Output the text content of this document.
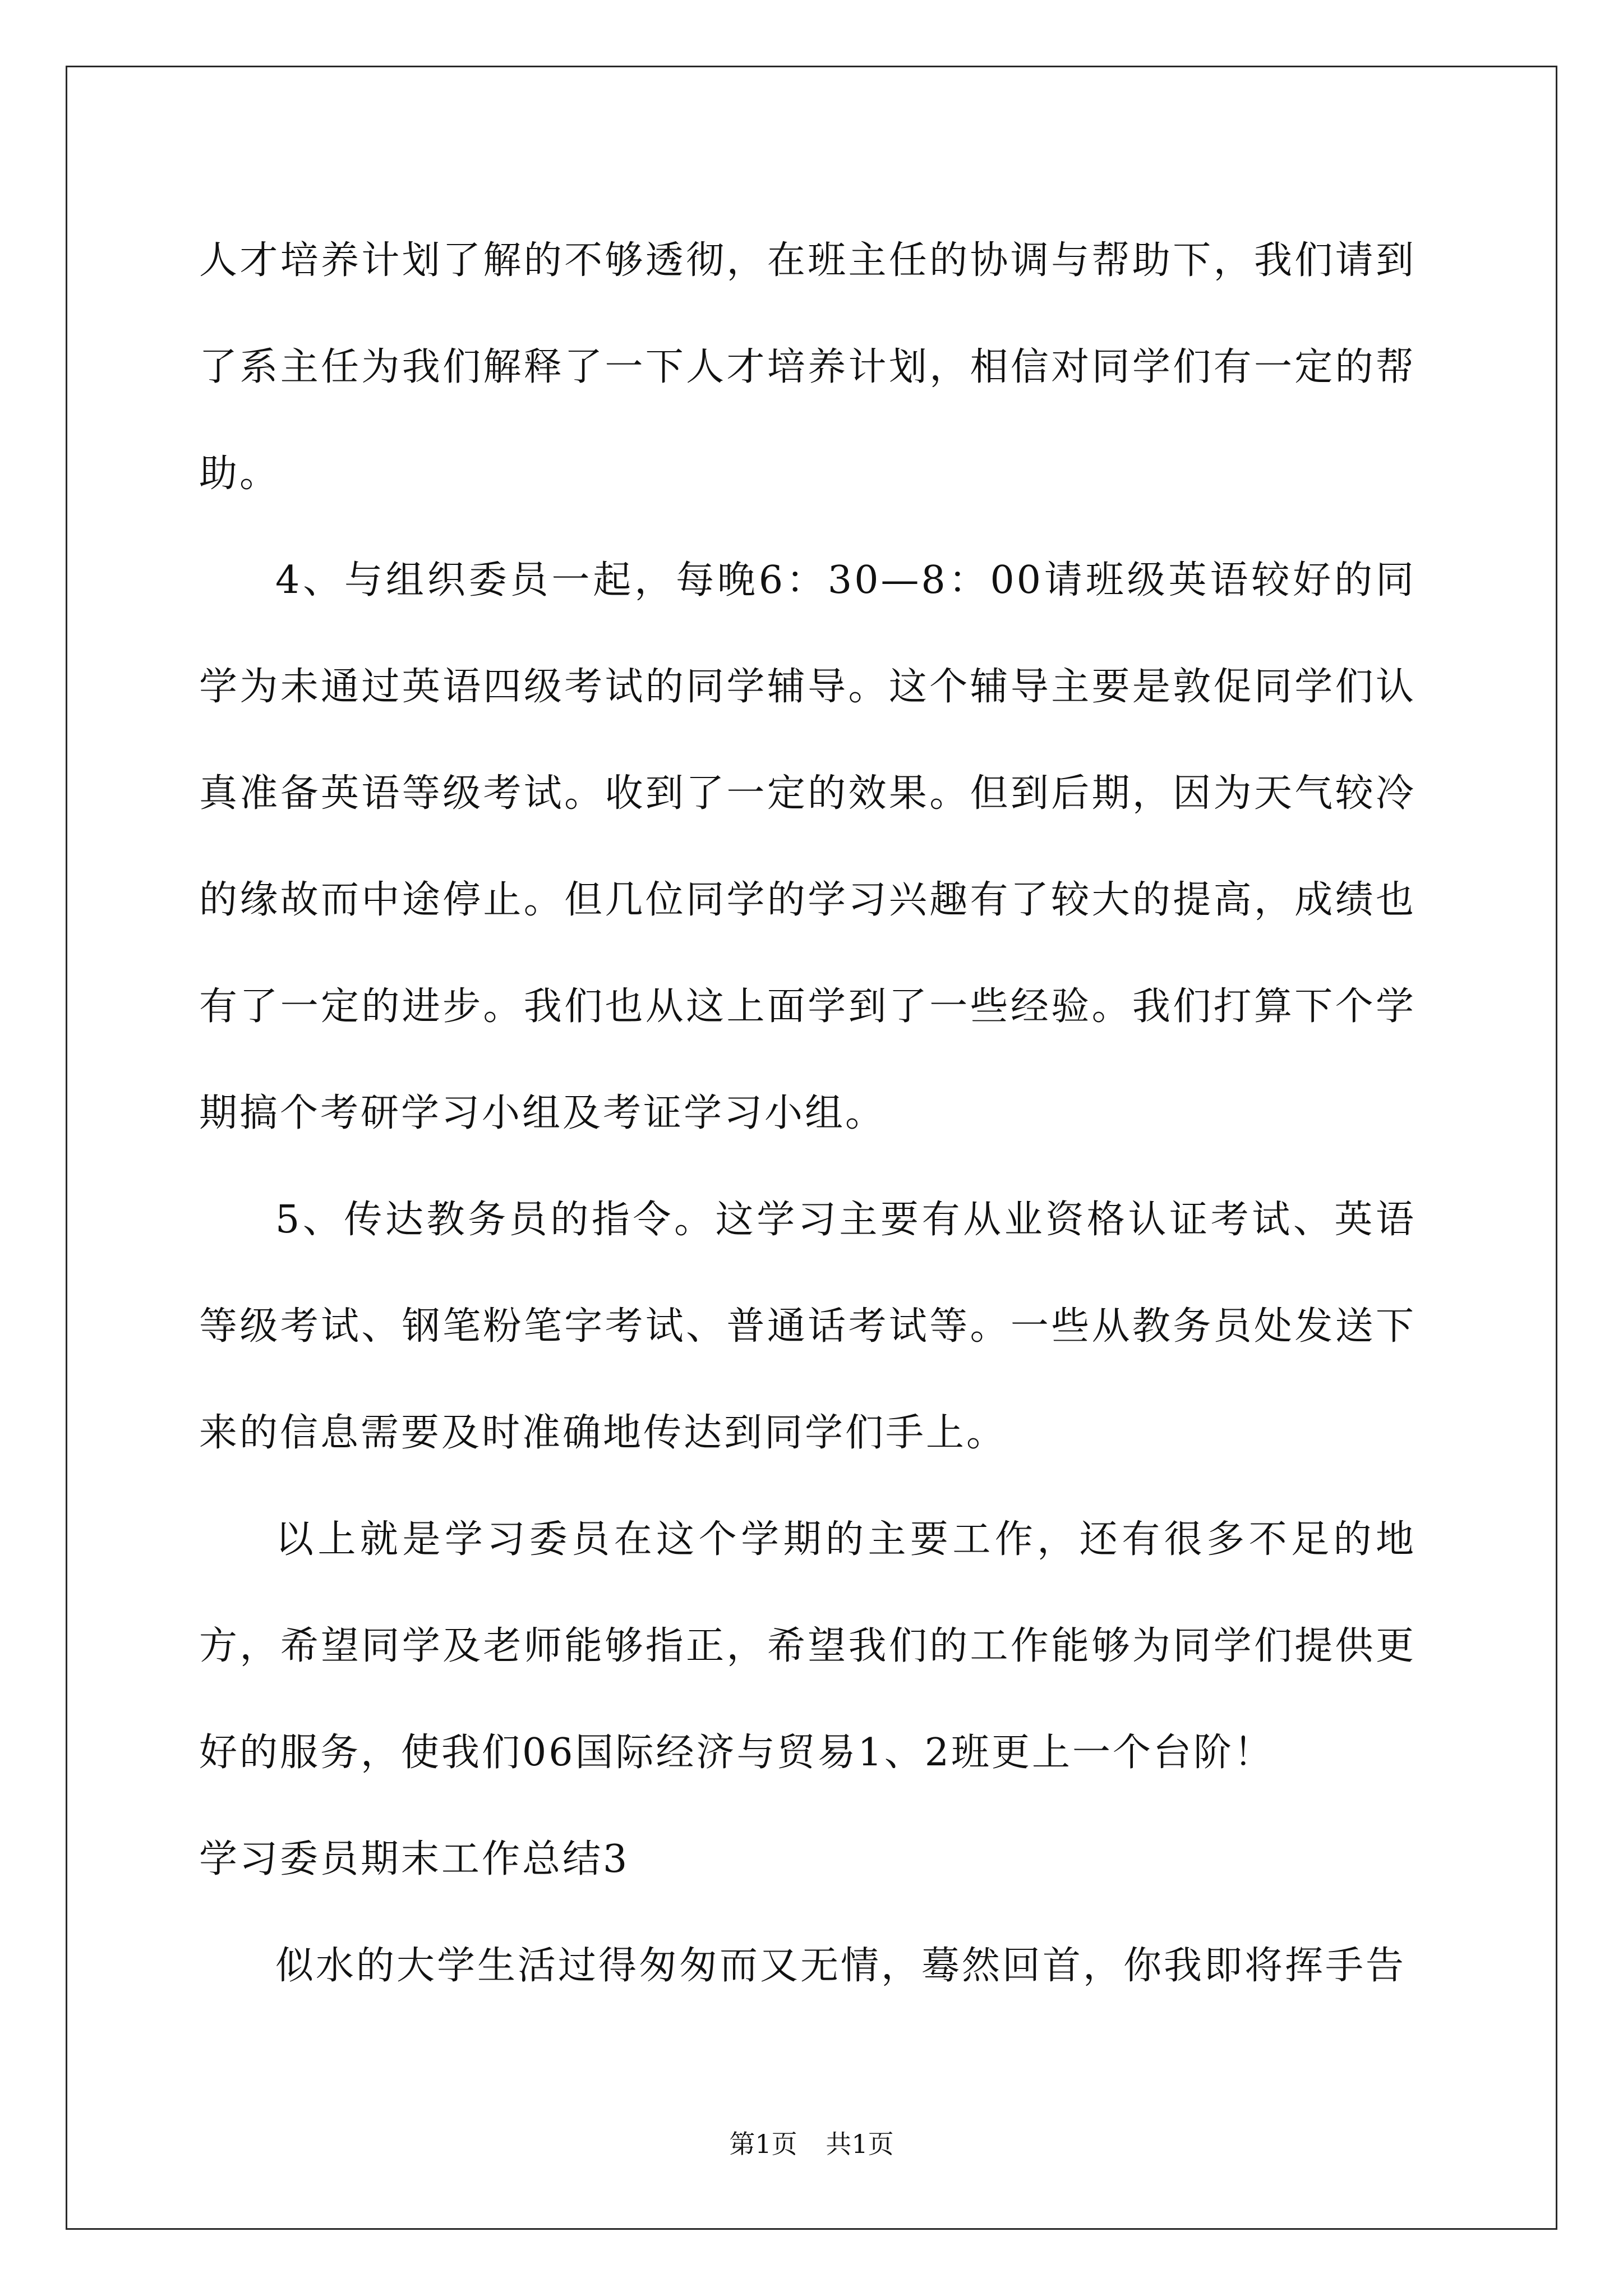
人才培养计划了解的不够透彻，在班主任的协调与帮助下，我们请到了系主任为我们解释了一下人才培养计划，相信对同学们有一定的帮助。

4、与组织委员一起，每晚6：30—8：00请班级英语较好的同学为未通过英语四级考试的同学辅导。这个辅导主要是敦促同学们认真准备英语等级考试。收到了一定的效果。但到后期，因为天气较冷的缘故而中途停止。但几位同学的学习兴趣有了较大的提高，成绩也有了一定的进步。我们也从这上面学到了一些经验。我们打算下个学期搞个考研学习小组及考证学习小组。

5、传达教务员的指令。这学习主要有从业资格认证考试、英语等级考试、钢笔粉笔字考试、普通话考试等。一些从教务员处发送下来的信息需要及时准确地传达到同学们手上。

以上就是学习委员在这个学期的主要工作，还有很多不足的地方，希望同学及老师能够指正，希望我们的工作能够为同学们提供更好的服务，使我们06国际经济与贸易1、2班更上一个台阶！

学习委员期末工作总结3

似水的大学生活过得匆匆而又无情，蓦然回首，你我即将挥手告

第1页 共1页
